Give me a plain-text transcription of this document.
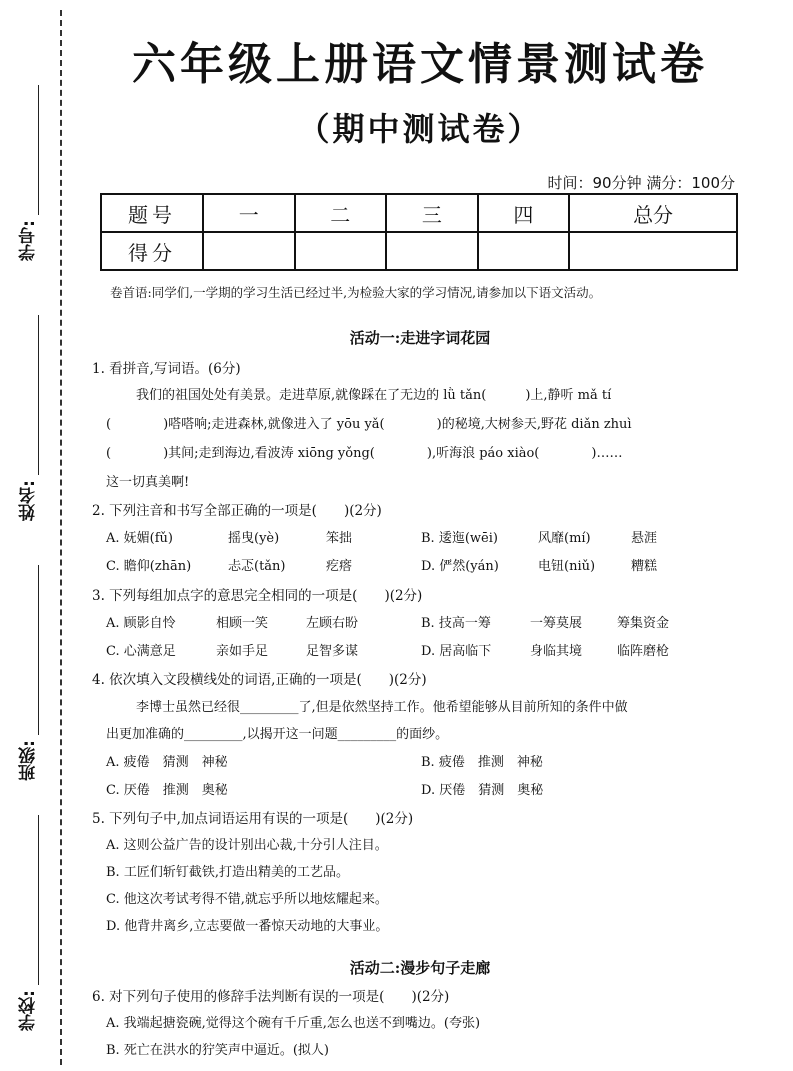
学号:
姓名:
班级:
学校:
六年级上册语文情景测试卷
（期中测试卷）
时间：90分钟 满分：100分
题号	一	二	三	四	总分
得分					
卷首语:同学们,一学期的学习生活已经过半,为检验大家的学习情况,请参加以下语文活动。
活动一:走进字词花园
1. 看拼音,写词语。(6分)
我们的祖国处处有美景。走进草原,就像踩在了无边的 lǜ tǎn(　　　)上,静听 mǎ tí
(　　　　)嗒嗒响;走进森林,就像进入了 yōu yǎ(　　　　)的秘境,大树参天,野花 diǎn zhuì
(　　　　)其间;走到海边,看波涛 xiōng yǒng(　　　　),听海浪 páo xiào(　　　　)……
这一切真美啊!
2. 下列注音和书写全部正确的一项是(　　)(2分)
A. 妩媚(fǔ)	摇曳(yè)	笨拙	B. 逶迤(wēi)	风靡(mí)	悬涯
C. 瞻仰(zhān)	忐忑(tǎn)	疙瘩	D. 俨然(yán)	电钮(niǔ)	糟糕
3. 下列每组加点字的意思完全相同的一项是(　　)(2分)
A. 顾影自怜	相顾一笑	左顾右盼	B. 技高一筹	一筹莫展	筹集资金
C. 心满意足	亲如手足	足智多谋	D. 居高临下	身临其境	临阵磨枪
4. 依次填入文段横线处的词语,正确的一项是(　　)(2分)
李博士虽然已经很_________了,但是依然坚持工作。他希望能够从目前所知的条件中做
出更加准确的_________,以揭开这一问题_________的面纱。
A. 疲倦　猜测　神秘	B. 疲倦　推测　神秘
C. 厌倦　推测　奥秘	D. 厌倦　猜测　奥秘
5. 下列句子中,加点词语运用有误的一项是(　　)(2分)
A. 这则公益广告的设计别出心裁,十分引人注目。
B. 工匠们斩钉截铁,打造出精美的工艺品。
C. 他这次考试考得不错,就忘乎所以地炫耀起来。
D. 他背井离乡,立志要做一番惊天动地的大事业。
活动二:漫步句子走廊
6. 对下列句子使用的修辞手法判断有误的一项是(　　)(2分)
A. 我端起搪瓷碗,觉得这个碗有千斤重,怎么也送不到嘴边。(夸张)
B. 死亡在洪水的狞笑声中逼近。(拟人)
